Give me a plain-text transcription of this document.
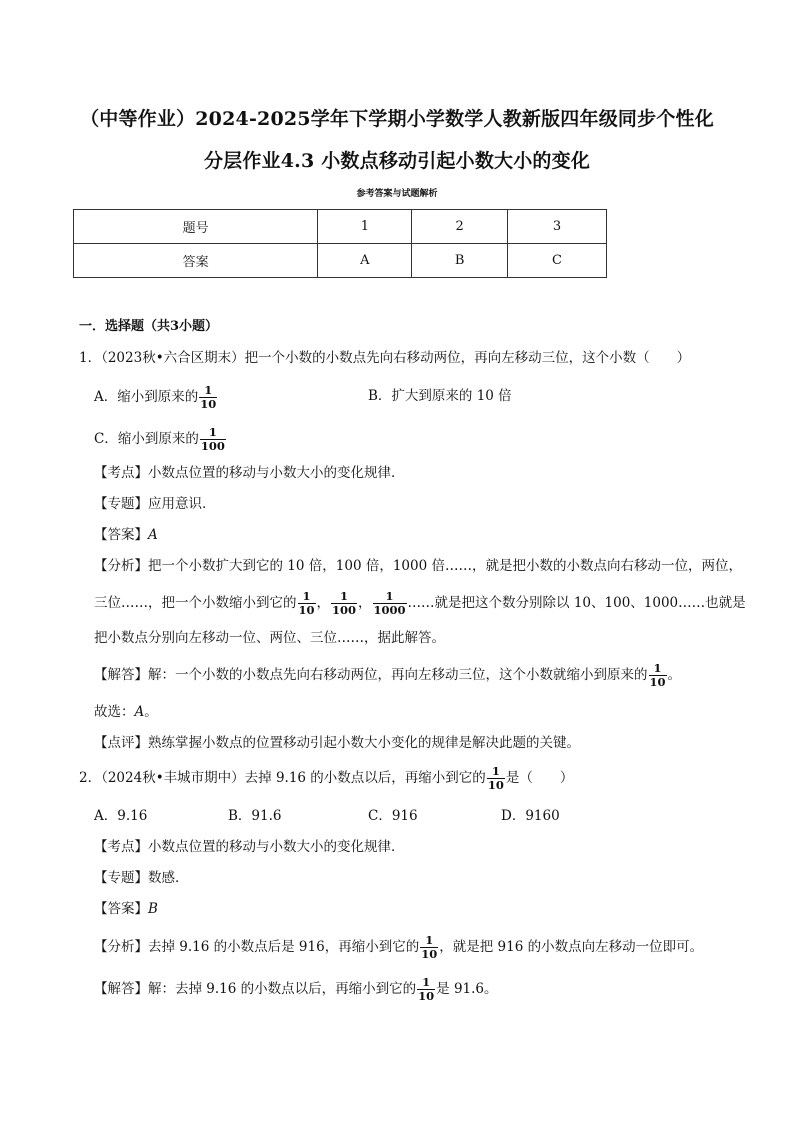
（中等作业）2024-2025学年下学期小学数学人教新版四年级同步个性化
分层作业4.3 小数点移动引起小数大小的变化
参考答案与试题解析
题号	1	2	3
答案	A	B	C
一．选择题（共3小题）
1．（2023秋•六合区期末）把一个小数的小数点先向右移动两位，再向左移动三位，这个小数（　　）
A．缩小到原来的 $\frac{1}{10}$	B．扩大到原来的 10 倍
C．缩小到原来的 $\frac{1}{100}$
【考点】小数点位置的移动与小数大小的变化规律．
【专题】应用意识．
【答案】A
【分析】把一个小数扩大到它的 10 倍，100 倍，1000 倍……，就是把小数的小数点向右移动一位，两位，
三位……，把一个小数缩小到它的 $\frac{1}{10}$ ， $\frac{1}{100}$ ， $\frac{1}{1000}$ ……就是把这个数分别除以 10、100、1000……也就是
把小数点分别向左移动一位、两位、三位……，据此解答。
【解答】解：一个小数的小数点先向右移动两位，再向左移动三位，这个小数就缩小到原来的 $\frac{1}{10}$ 。
故选：A。
【点评】熟练掌握小数点的位置移动引起小数大小变化的规律是解决此题的关键。
2．（2024秋•丰城市期中）去掉 9.16 的小数点以后，再缩小到它的 $\frac{1}{10}$ 是（　　）
A．9.16	B．91.6	C．916	D．9160
【考点】小数点位置的移动与小数大小的变化规律．
【专题】数感．
【答案】B
【分析】去掉 9.16 的小数点后是 916，再缩小到它的 $\frac{1}{10}$ ，就是把 916 的小数点向左移动一位即可。
【解答】解：去掉 9.16 的小数点以后，再缩小到它的 $\frac{1}{10}$ 是 91.6。
